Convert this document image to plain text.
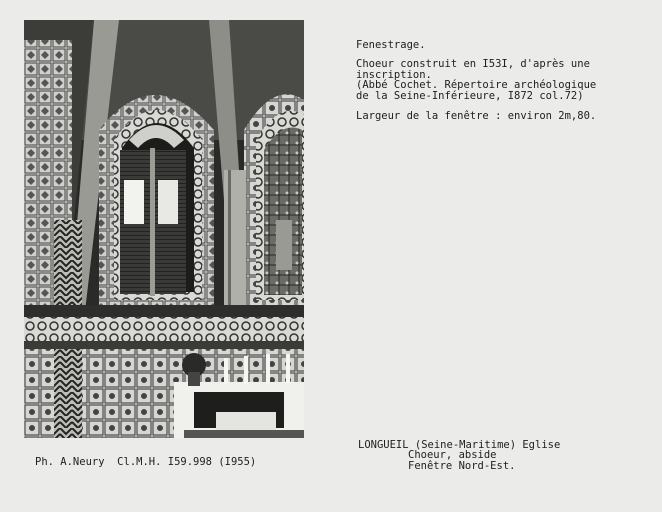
Fenestrage.
Choeur construit en I53I, d'après une
inscription.
(Abbé Cochet. Répertoire archéologique
de la Seine-Inférieure, I872 col.72)
Largeur de la fenêtre : environ 2m,80.
Ph. A.Neury  Cl.M.H. I59.998 (I955)
LONGUEIL (Seine-Maritime) Eglise
Choeur, abside
Fenêtre Nord-Est.
